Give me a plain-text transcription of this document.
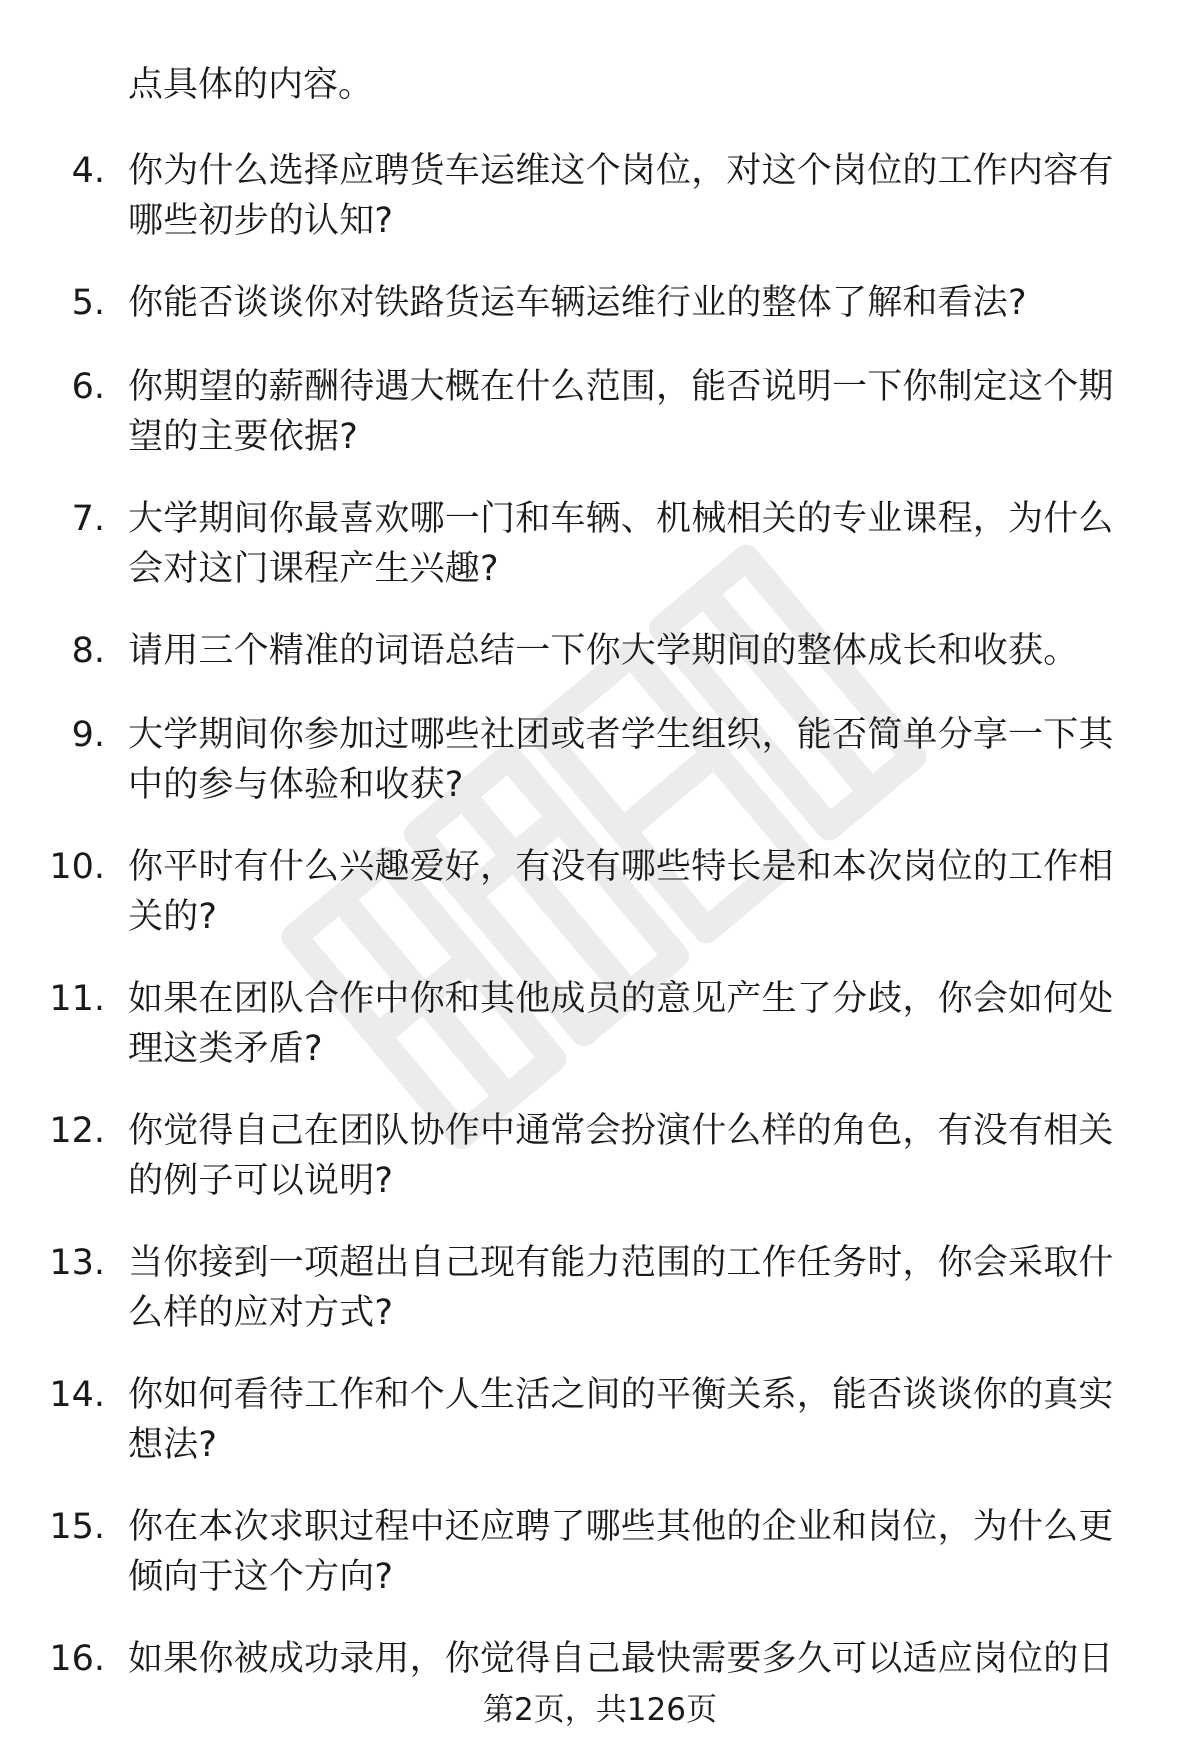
点具体的内容。

4. 你为什么选择应聘货车运维这个岗位，对这个岗位的工作内容有哪些初步的认知?
5. 你能否谈谈你对铁路货运车辆运维行业的整体了解和看法?
6. 你期望的薪酬待遇大概在什么范围，能否说明一下你制定这个期望的主要依据?
7. 大学期间你最喜欢哪一门和车辆、机械相关的专业课程，为什么会对这门课程产生兴趣?
8. 请用三个精准的词语总结一下你大学期间的整体成长和收获。
9. 大学期间你参加过哪些社团或者学生组织，能否简单分享一下其中的参与体验和收获?
10. 你平时有什么兴趣爱好，有没有哪些特长是和本次岗位的工作相关的?
11. 如果在团队合作中你和其他成员的意见产生了分歧，你会如何处理这类矛盾?
12. 你觉得自己在团队协作中通常会扮演什么样的角色，有没有相关的例子可以说明?
13. 当你接到一项超出自己现有能力范围的工作任务时，你会采取什么样的应对方式?
14. 你如何看待工作和个人生活之间的平衡关系，能否谈谈你的真实想法?
15. 你在本次求职过程中还应聘了哪些其他的企业和岗位，为什么更倾向于这个方向?
16. 如果你被成功录用，你觉得自己最快需要多久可以适应岗位的日
第2页，共126页
